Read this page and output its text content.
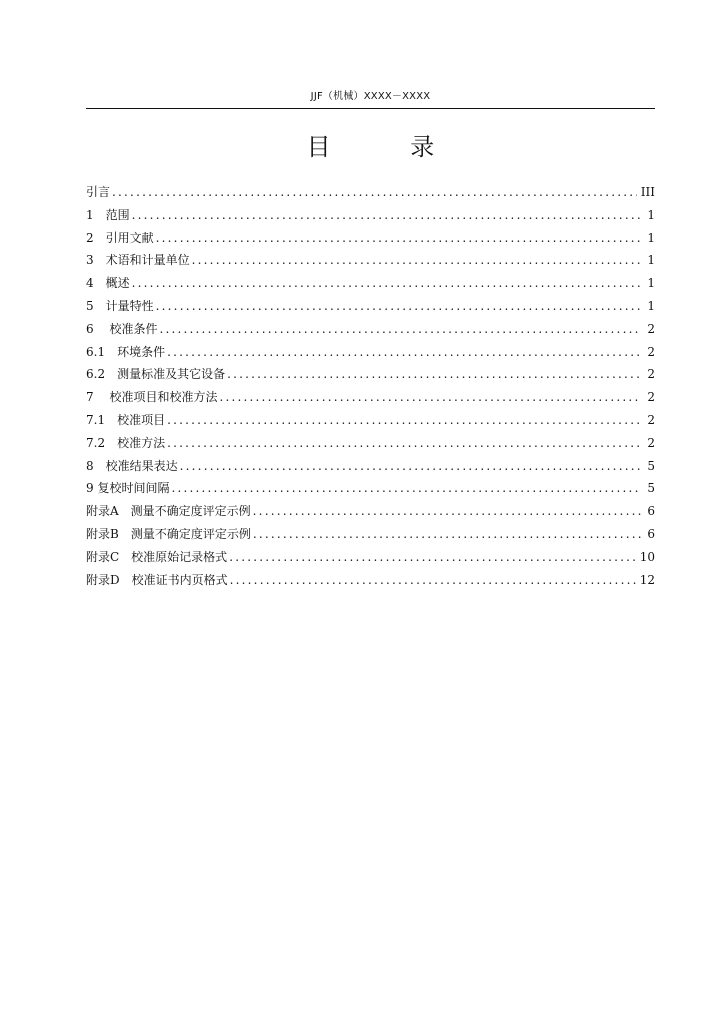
JJF（机械）XXXX－XXXX
目 录
引言 .....	III
1　范围 .....	1
2　引用文献 .....	1
3　术语和计量单位 .....	1
4　概述 .....	1
5　计量特性 .....	1
6　 校准条件 .....	2
6.1　环境条件 .....	2
6.2　测量标准及其它设备 .....	2
7　 校准项目和校准方法 .....	2
7.1　校准项目 .....	2
7.2　校准方法 .....	2
8　校准结果表达 .....	5
9 复校时间间隔 .....	5
附录A　测量不确定度评定示例 .....	6
附录B　测量不确定度评定示例 .....	6
附录C　校准原始记录格式 .....	10
附录D　校准证书内页格式 .....	12
